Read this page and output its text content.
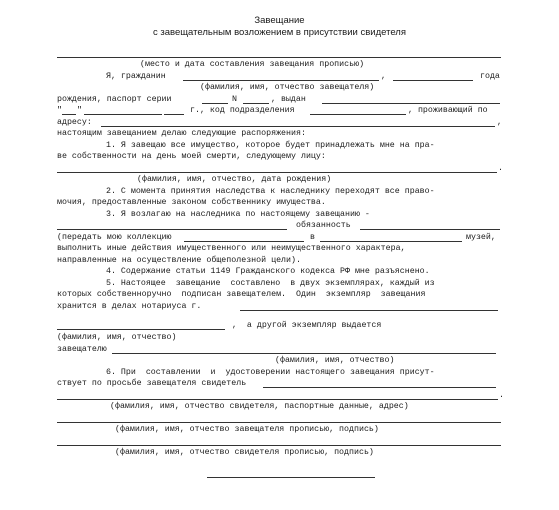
Завещание
с завещательным возложением в присутствии свидетеля

(место и дата составления завещания прописью)

Я, гражданин

	,

	года

(фамилия, имя, отчество завещателя)

рождения, паспорт серии

	N

	, выдан

"

"

	г., код подразделения

	, проживающий по

адресу:

	,

настоящим завещанием делаю следующие распоряжения:

1. Я завещаю все имущество, которое будет принадлежать мне на пра-

ве собственности на день моей смерти, следующему лицу:

.

(фамилия, имя, отчество, дата рождения)

2. С момента принятия наследства к наследнику переходят все право-

мочия, предоставленные законом собственнику имущества.

3. Я возлагаю на наследника по настоящему завещанию -

обязанность

(передать мою коллекцию

	в

	музей,

выполнить иные действия имущественного или неимущественного характера,

направленные на осуществление общеполезной цели).

4. Содержание статьи 1149 Гражданского кодекса РФ мне разъяснено.

5. Настоящее  завещание  составлено  в двух экземплярах, каждый из

которых собственноручно  подписан завещателем.  Один  экземпляр  завещания

хранится в делах нотариуса г.

,  а другой экземпляр выдается

(фамилия, имя, отчество)

завещателю

(фамилия, имя, отчество)

6. При  составлении  и  удостоверении настоящего завещания присут-

ствует по просьбе завещателя свидетель

.

(фамилия, имя, отчество свидетеля, паспортные данные, адрес)

(фамилия, имя, отчество завещателя прописью, подпись)

(фамилия, имя, отчество свидетеля прописью, подпись)
